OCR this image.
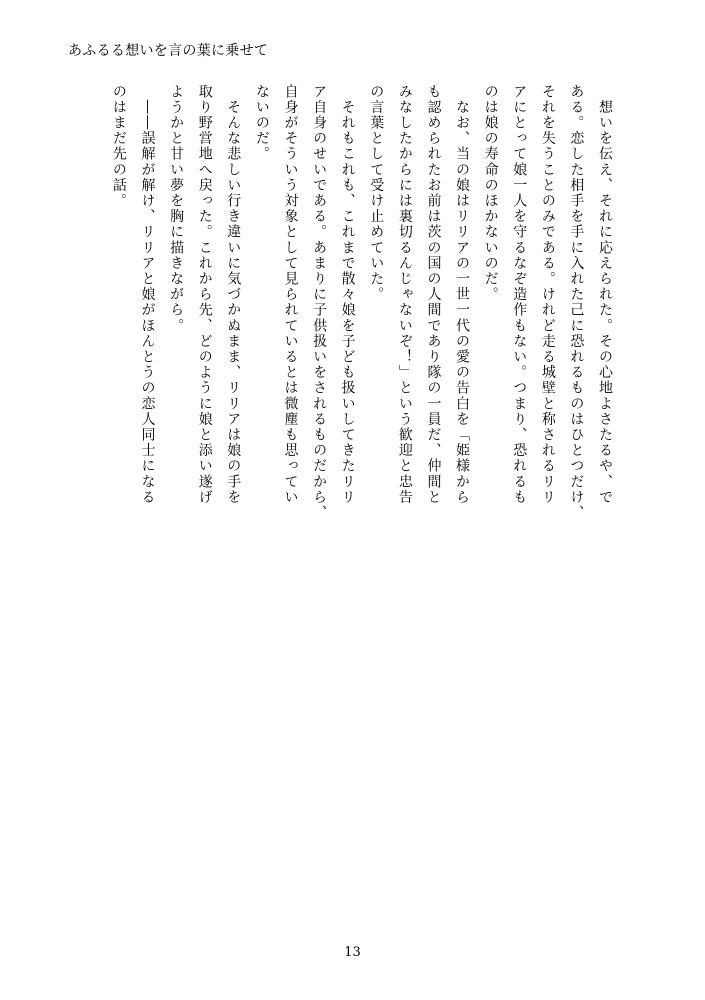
あふるる想いを言の葉に乗せて
　想いを伝え、それに応えられた。その心地よさたるや、で
ある。恋した相手を手に入れた己に恐れるものはひとつだけ、
それを失うことのみである。けれど走る城壁と称されるリリ
アにとって娘一人を守るなぞ造作もない。つまり、恐れるも
のは娘の寿命のほかないのだ。
　なお、当の娘はリリアの一世一代の愛の告白を「姫様から
も認められたお前は茨の国の人間であり隊の一員だ、仲間と
みなしたからには裏切るんじゃないぞ！」という歓迎と忠告
の言葉として受け止めていた。
　それもこれも、これまで散々娘を子ども扱いしてきたリリ
ア自身のせいである。あまりに子供扱いをされるものだから、
自身がそういう対象として見られているとは微塵も思ってい
ないのだ。
　そんな悲しい行き違いに気づかぬまま、リリアは娘の手を
取り野営地へ戻った。これから先、どのように娘と添い遂げ
ようかと甘い夢を胸に描きながら。
　――誤解が解け、リリアと娘がほんとうの恋人同士になる
のはまだ先の話。
13
